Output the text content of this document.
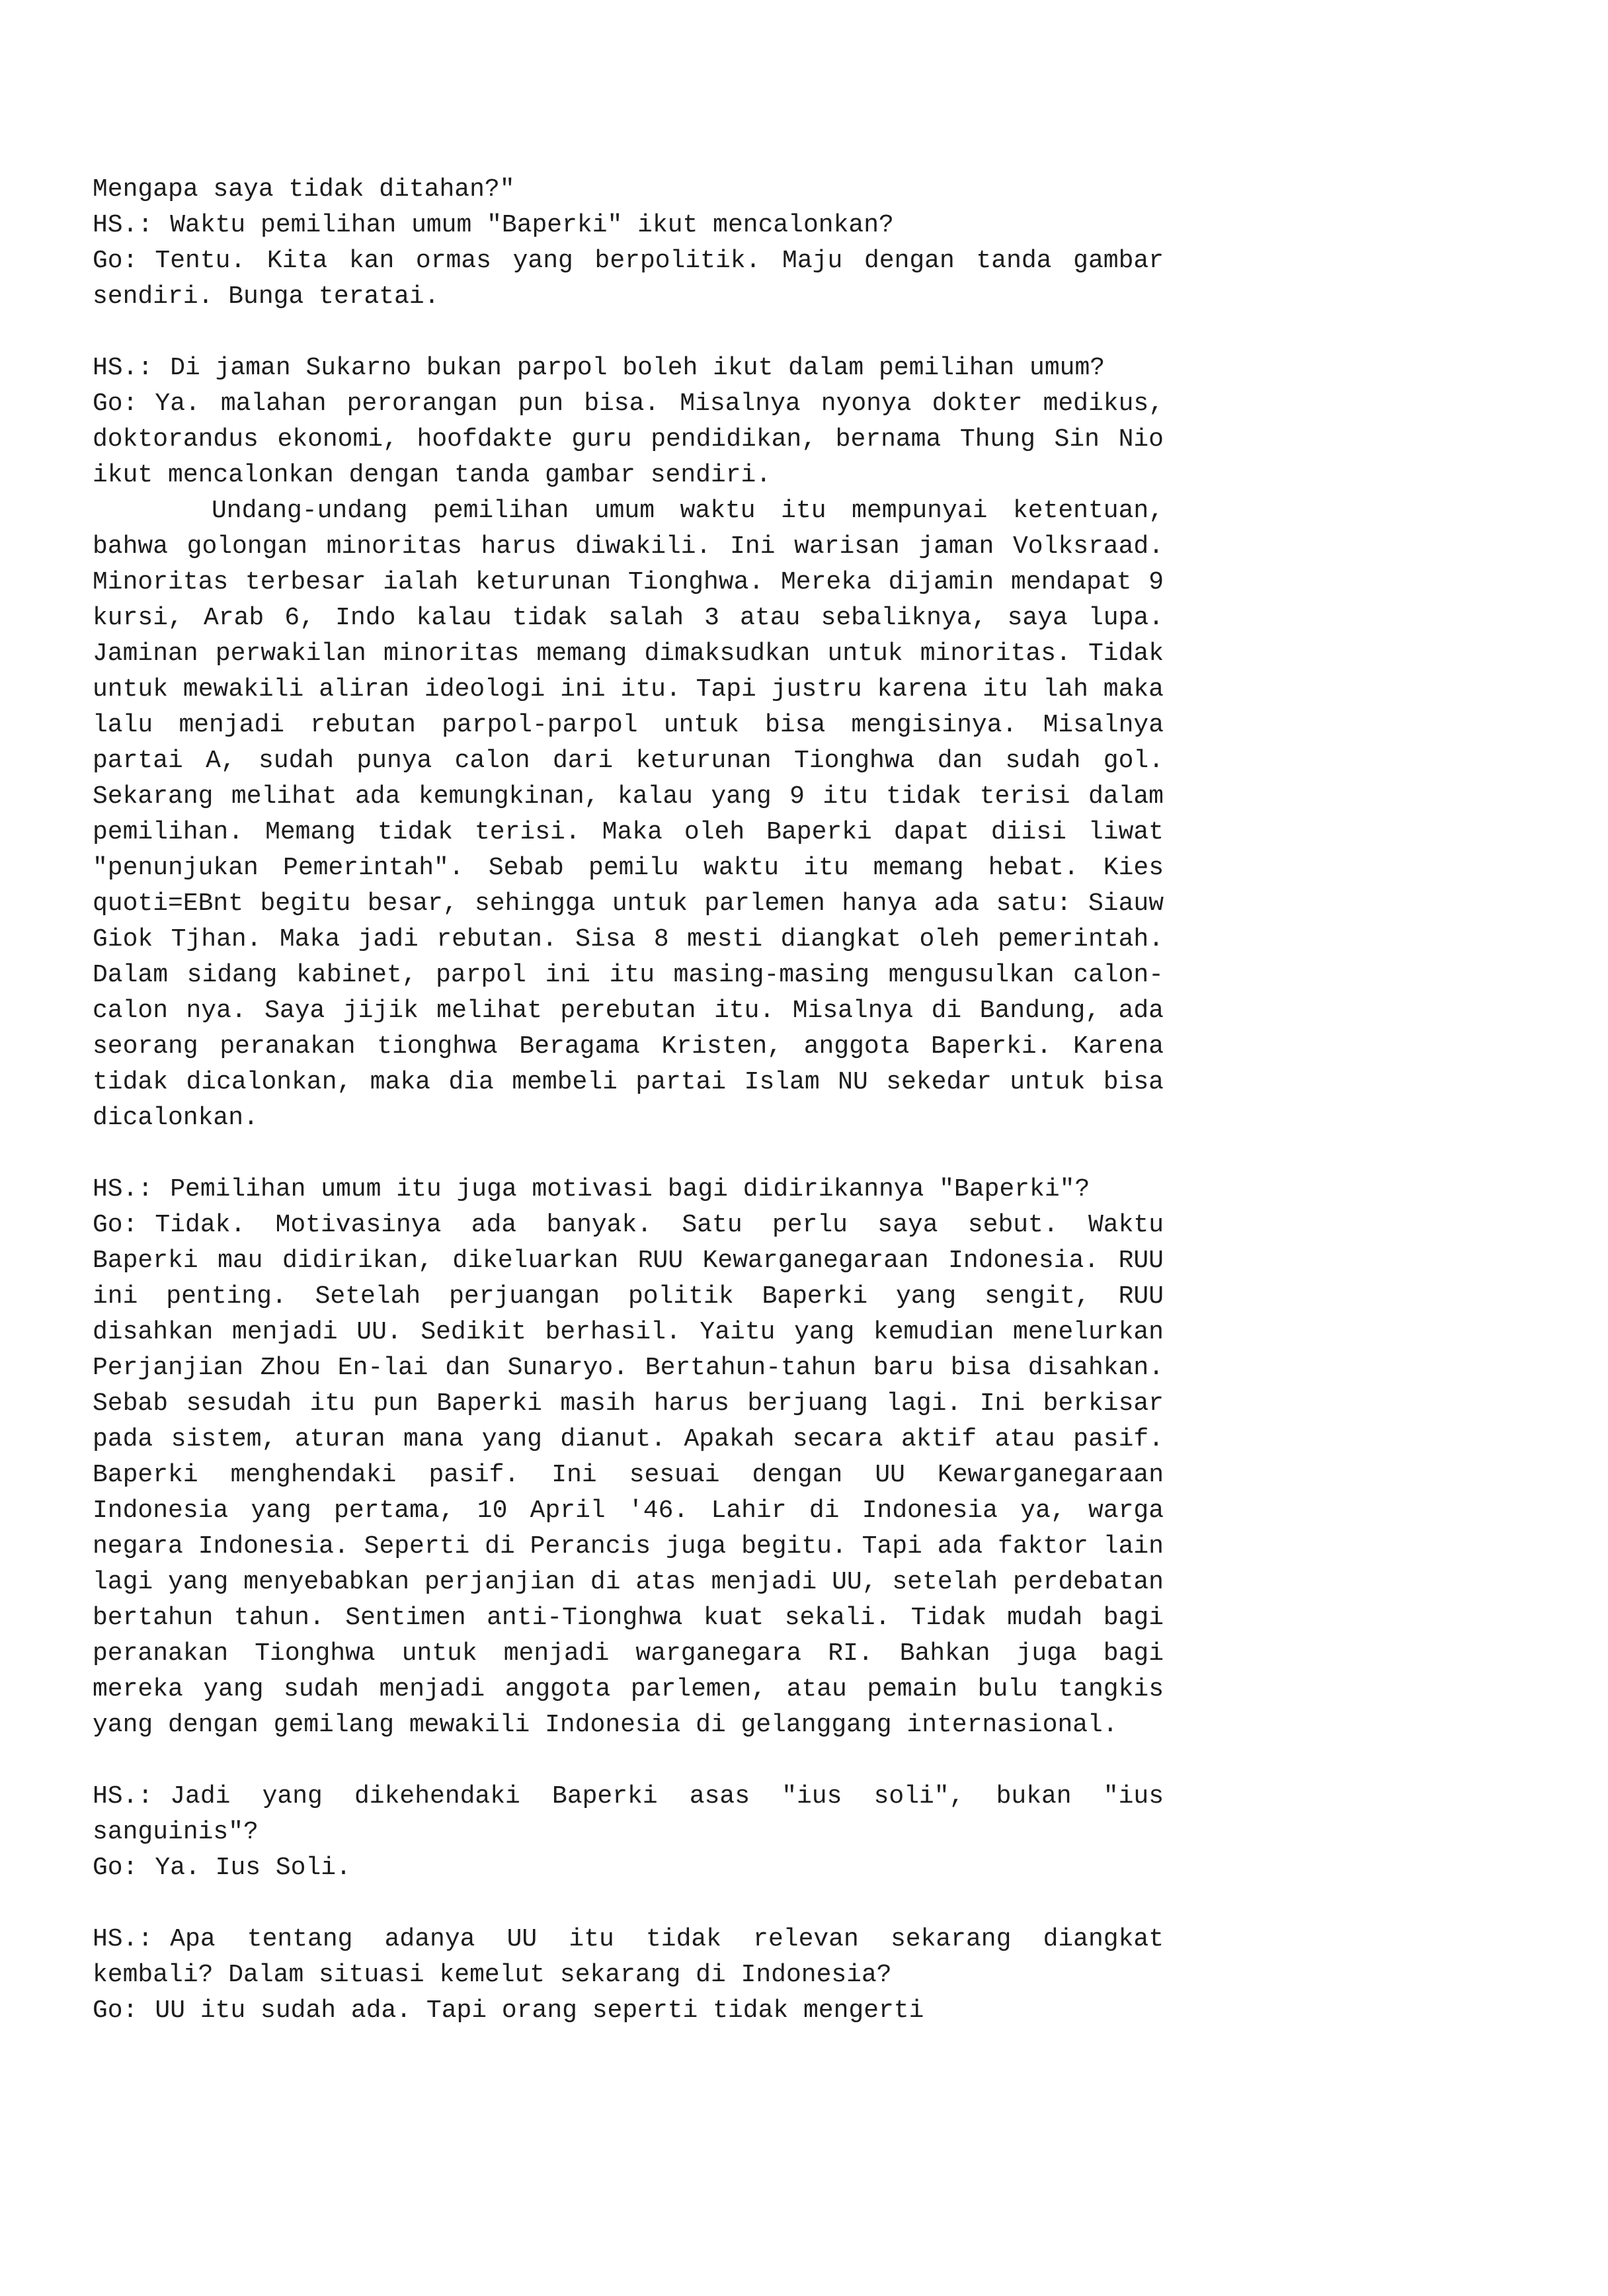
Mengapa saya tidak ditahan?"

HS.: Waktu pemilihan umum "Baperki" ikut mencalonkan?

Go: Tentu. Kita kan ormas yang berpolitik. Maju dengan tanda gambar sendiri. Bunga teratai.

HS.: Di jaman Sukarno bukan parpol boleh ikut dalam pemilihan umum?

Go: Ya. malahan perorangan pun bisa. Misalnya nyonya dokter medikus, doktorandus ekonomi, hoofdakte guru pendidikan, bernama Thung Sin Nio ikut mencalonkan dengan tanda gambar sendiri.

Undang-undang pemilihan umum waktu itu mempunyai ketentuan, bahwa golongan minoritas harus diwakili. Ini warisan jaman Volksraad. Minoritas terbesar ialah keturunan Tionghwa. Mereka dijamin mendapat 9 kursi, Arab 6, Indo kalau tidak salah 3 atau sebaliknya, saya lupa. Jaminan perwakilan minoritas memang dimaksudkan untuk minoritas. Tidak untuk mewakili aliran ideologi ini itu. Tapi justru karena itu lah maka lalu menjadi rebutan parpol-parpol untuk bisa mengisinya. Misalnya partai A, sudah punya calon dari keturunan Tionghwa dan sudah gol. Sekarang melihat ada kemungkinan, kalau yang 9 itu tidak terisi dalam pemilihan. Memang tidak terisi. Maka oleh Baperki dapat diisi liwat "penunjukan Pemerintah". Sebab pemilu waktu itu memang hebat. Kies quoti=EBnt begitu besar, sehingga untuk parlemen hanya ada satu: Siauw Giok Tjhan. Maka jadi rebutan. Sisa 8 mesti diangkat oleh pemerintah. Dalam sidang kabinet, parpol ini itu masing-masing mengusulkan calon-calon nya. Saya jijik melihat perebutan itu. Misalnya di Bandung, ada seorang peranakan tionghwa Beragama Kristen, anggota Baperki. Karena tidak dicalonkan, maka dia membeli partai Islam NU sekedar untuk bisa dicalonkan.

HS.: Pemilihan umum itu juga motivasi bagi didirikannya "Baperki"?

Go: Tidak. Motivasinya ada banyak. Satu perlu saya sebut. Waktu Baperki mau didirikan, dikeluarkan RUU Kewarganegaraan Indonesia. RUU ini penting. Setelah perjuangan politik Baperki yang sengit, RUU disahkan menjadi UU. Sedikit berhasil. Yaitu yang kemudian menelurkan Perjanjian Zhou En-lai dan Sunaryo. Bertahun-tahun baru bisa disahkan. Sebab sesudah itu pun Baperki masih harus berjuang lagi. Ini berkisar pada sistem, aturan mana yang dianut. Apakah secara aktif atau pasif. Baperki menghendaki pasif. Ini sesuai dengan UU Kewarganegaraan Indonesia yang pertama, 10 April '46. Lahir di Indonesia ya, warga negara Indonesia. Seperti di Perancis juga begitu. Tapi ada faktor lain lagi yang menyebabkan perjanjian di atas menjadi UU, setelah perdebatan bertahun tahun. Sentimen anti-Tionghwa kuat sekali. Tidak mudah bagi peranakan Tionghwa untuk menjadi warganegara RI. Bahkan juga bagi mereka yang sudah menjadi anggota parlemen, atau pemain bulu tangkis yang dengan gemilang mewakili Indonesia di gelanggang internasional.

HS.: Jadi yang dikehendaki Baperki asas "ius soli", bukan "ius sanguinis"?

Go: Ya. Ius Soli.

HS.: Apa tentang adanya UU itu tidak relevan sekarang diangkat kembali? Dalam situasi kemelut sekarang di Indonesia?

Go: UU itu sudah ada. Tapi orang seperti tidak mengerti
